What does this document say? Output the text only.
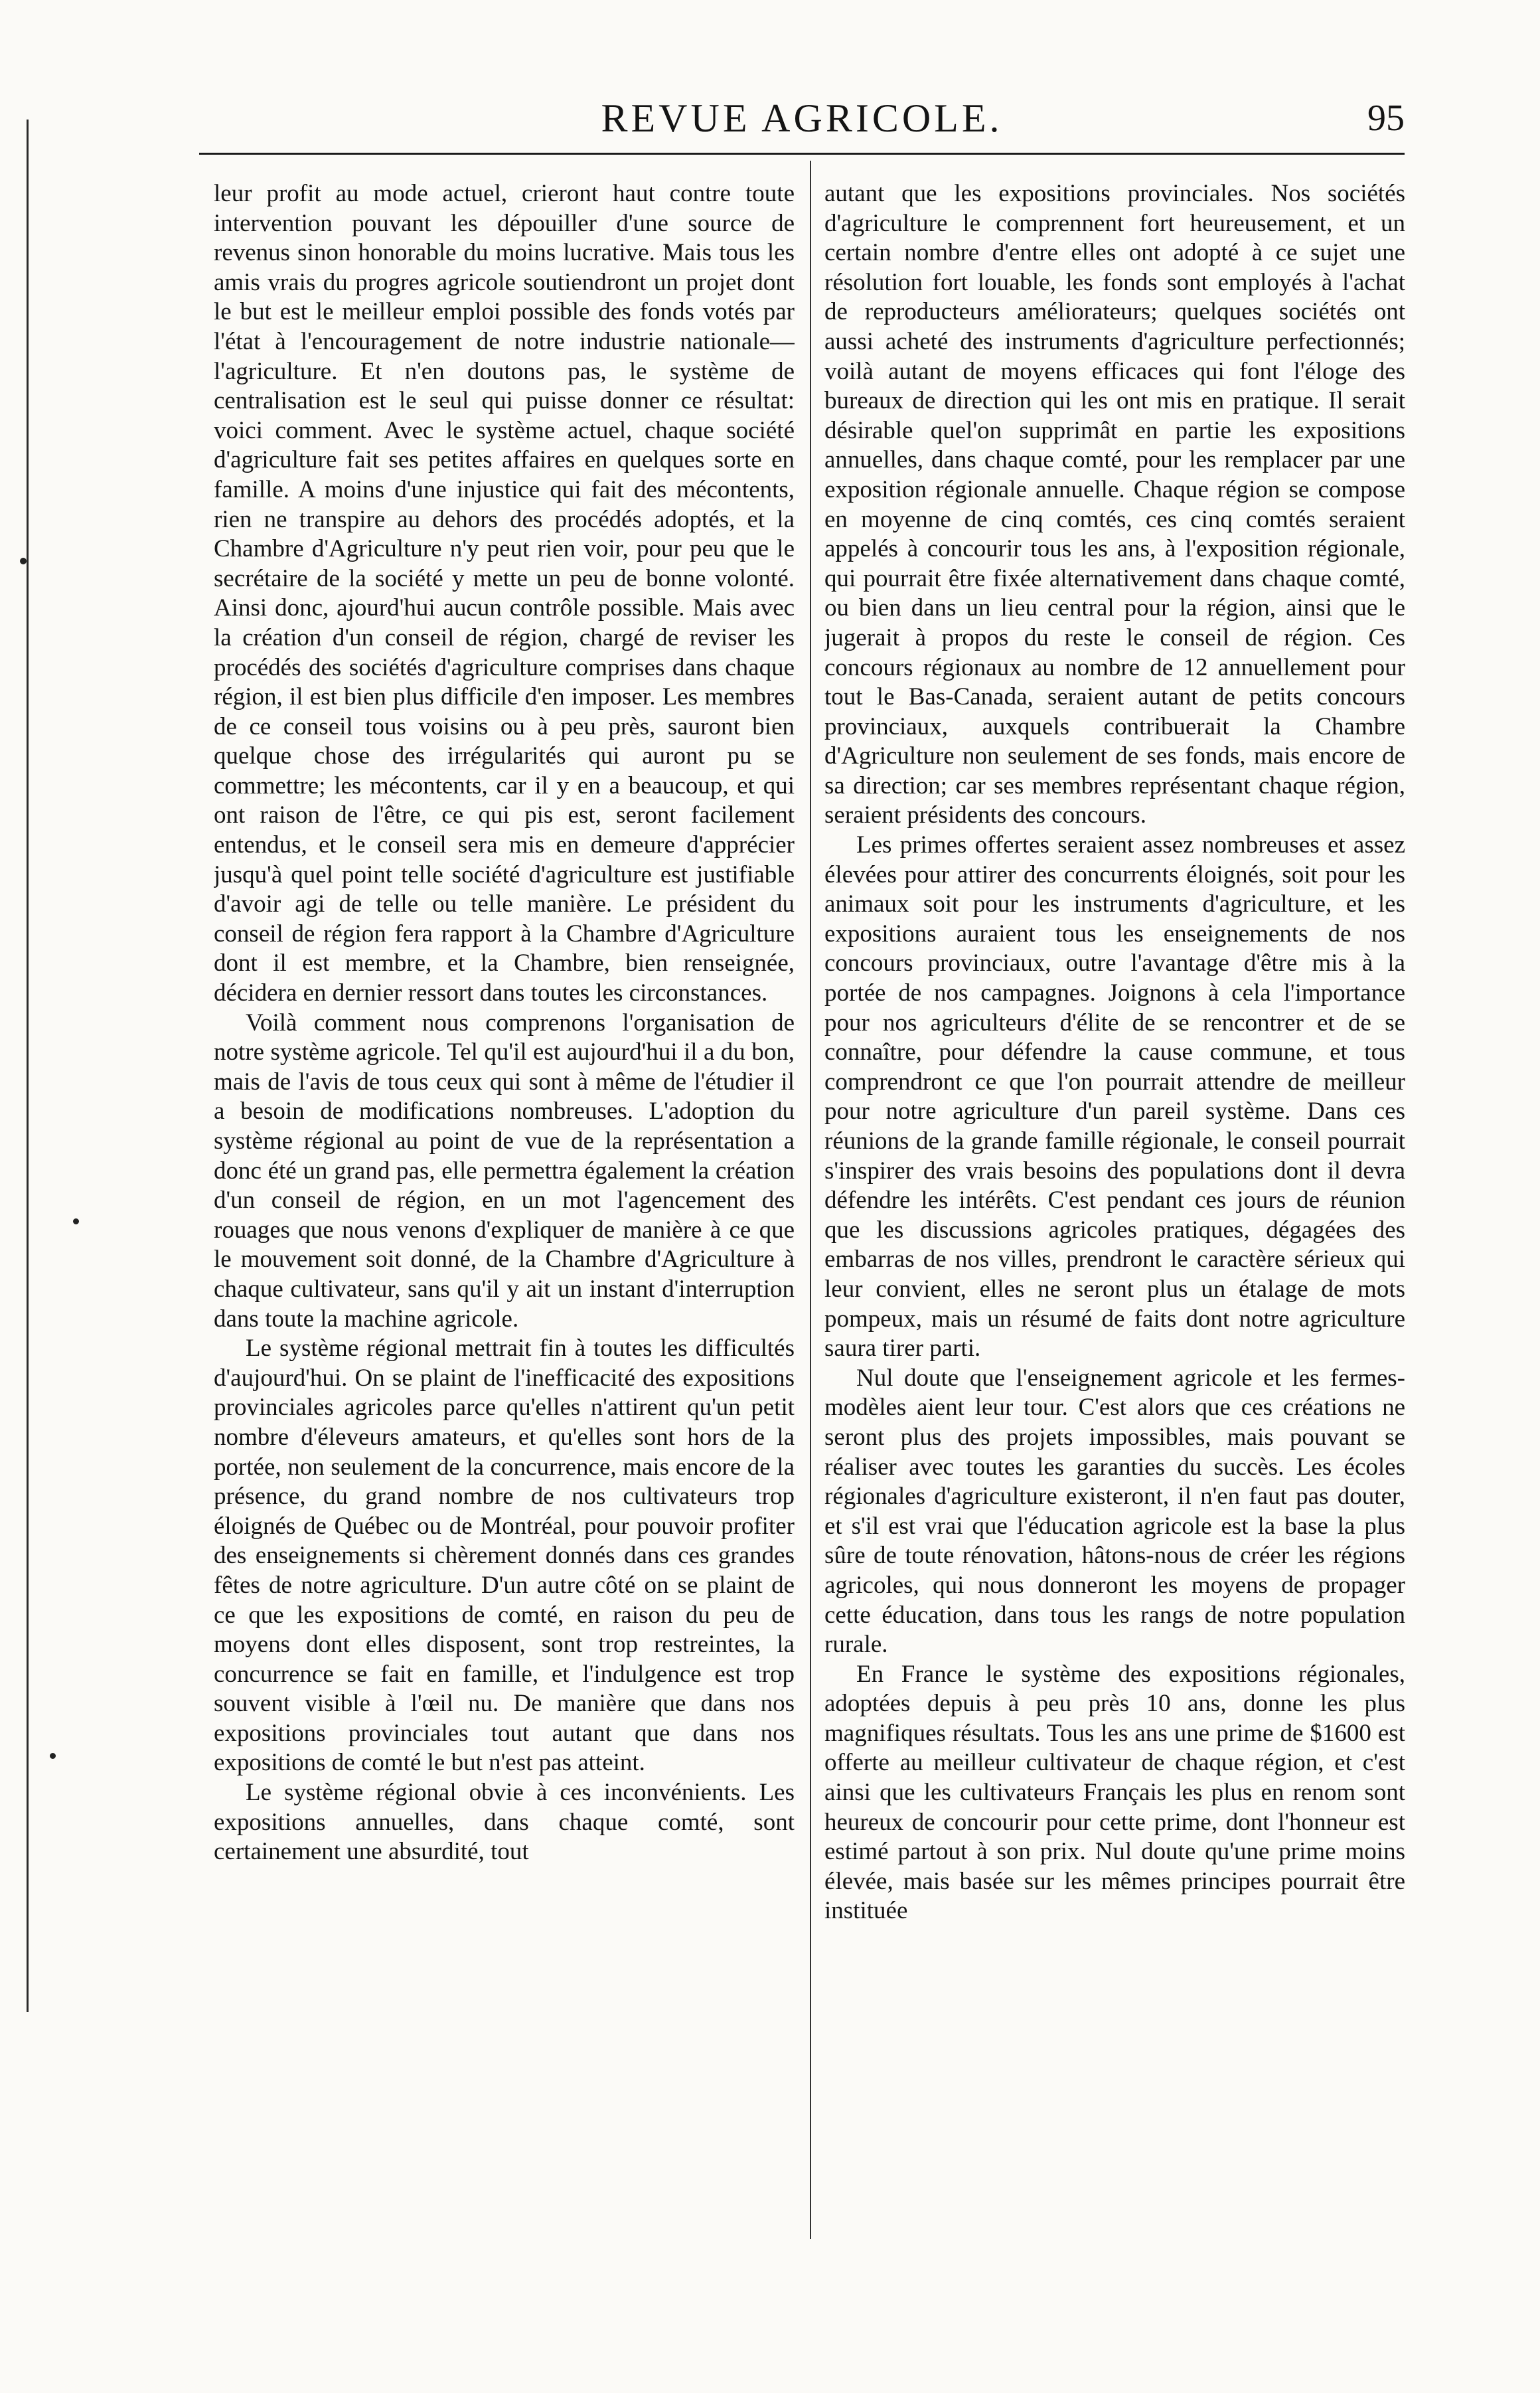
REVUE AGRICOLE.	95

leur profit au mode actuel, crieront haut contre toute intervention pouvant les dépouiller d'une source de revenus sinon honorable du moins lucrative. Mais tous les amis vrais du progres agricole soutiendront un projet dont le but est le meilleur emploi possible des fonds votés par l'état à l'encouragement de notre industrie nationale—l'agriculture. Et n'en doutons pas, le système de centralisation est le seul qui puisse donner ce résultat: voici comment. Avec le système actuel, chaque société d'agriculture fait ses petites affaires en quelques sorte en famille. A moins d'une injustice qui fait des mécontents, rien ne transpire au dehors des procédés adoptés, et la Chambre d'Agriculture n'y peut rien voir, pour peu que le secrétaire de la société y mette un peu de bonne volonté. Ainsi donc, ajourd'hui aucun contrôle possible. Mais avec la création d'un conseil de région, chargé de reviser les procédés des sociétés d'agriculture comprises dans chaque région, il est bien plus difficile d'en imposer. Les membres de ce conseil tous voisins ou à peu près, sauront bien quelque chose des irrégularités qui auront pu se commettre; les mécontents, car il y en a beaucoup, et qui ont raison de l'être, ce qui pis est, seront facilement entendus, et le conseil sera mis en demeure d'apprécier jusqu'à quel point telle société d'agriculture est justifiable d'avoir agi de telle ou telle manière. Le président du conseil de région fera rapport à la Chambre d'Agriculture dont il est membre, et la Chambre, bien renseignée, décidera en dernier ressort dans toutes les circonstances.

Voilà comment nous comprenons l'organisation de notre système agricole. Tel qu'il est aujourd'hui il a du bon, mais de l'avis de tous ceux qui sont à même de l'étudier il a besoin de modifications nombreuses. L'adoption du système régional au point de vue de la représentation a donc été un grand pas, elle permettra également la création d'un conseil de région, en un mot l'agencement des rouages que nous venons d'expliquer de manière à ce que le mouvement soit donné, de la Chambre d'Agriculture à chaque cultivateur, sans qu'il y ait un instant d'interruption dans toute la machine agricole.

Le système régional mettrait fin à toutes les difficultés d'aujourd'hui. On se plaint de l'inefficacité des expositions provinciales agricoles parce qu'elles n'attirent qu'un petit nombre d'éleveurs amateurs, et qu'elles sont hors de la portée, non seulement de la concurrence, mais encore de la présence, du grand nombre de nos cultivateurs trop éloignés de Québec ou de Montréal, pour pouvoir profiter des enseignements si chèrement donnés dans ces grandes fêtes de notre agriculture. D'un autre côté on se plaint de ce que les expositions de comté, en raison du peu de moyens dont elles disposent, sont trop restreintes, la concurrence se fait en famille, et l'indulgence est trop souvent visible à l'œil nu. De manière que dans nos expositions provinciales tout autant que dans nos expositions de comté le but n'est pas atteint.

Le système régional obvie à ces inconvénients. Les expositions annuelles, dans chaque comté, sont certainement une absurdité, tout

autant que les expositions provinciales. Nos sociétés d'agriculture le comprennent fort heureusement, et un certain nombre d'entre elles ont adopté à ce sujet une résolution fort louable, les fonds sont employés à l'achat de reproducteurs améliorateurs; quelques sociétés ont aussi acheté des instruments d'agriculture perfectionnés; voilà autant de moyens efficaces qui font l'éloge des bureaux de direction qui les ont mis en pratique. Il serait désirable quel'on supprimât en partie les expositions annuelles, dans chaque comté, pour les remplacer par une exposition régionale annuelle. Chaque région se compose en moyenne de cinq comtés, ces cinq comtés seraient appelés à concourir tous les ans, à l'exposition régionale, qui pourrait être fixée alternativement dans chaque comté, ou bien dans un lieu central pour la région, ainsi que le jugerait à propos du reste le conseil de région. Ces concours régionaux au nombre de 12 annuellement pour tout le Bas-Canada, seraient autant de petits concours provinciaux, auxquels contribuerait la Chambre d'Agriculture non seulement de ses fonds, mais encore de sa direction; car ses membres représentant chaque région, seraient présidents des concours.

Les primes offertes seraient assez nombreuses et assez élevées pour attirer des concurrents éloignés, soit pour les animaux soit pour les instruments d'agriculture, et les expositions auraient tous les enseignements de nos concours provinciaux, outre l'avantage d'être mis à la portée de nos campagnes. Joignons à cela l'importance pour nos agriculteurs d'élite de se rencontrer et de se connaître, pour défendre la cause commune, et tous comprendront ce que l'on pourrait attendre de meilleur pour notre agriculture d'un pareil système. Dans ces réunions de la grande famille régionale, le conseil pourrait s'inspirer des vrais besoins des populations dont il devra défendre les intérêts. C'est pendant ces jours de réunion que les discussions agricoles pratiques, dégagées des embarras de nos villes, prendront le caractère sérieux qui leur convient, elles ne seront plus un étalage de mots pompeux, mais un résumé de faits dont notre agriculture saura tirer parti.

Nul doute que l'enseignement agricole et les fermes-modèles aient leur tour. C'est alors que ces créations ne seront plus des projets impossibles, mais pouvant se réaliser avec toutes les garanties du succès. Les écoles régionales d'agriculture existeront, il n'en faut pas douter, et s'il est vrai que l'éducation agricole est la base la plus sûre de toute rénovation, hâtons-nous de créer les régions agricoles, qui nous donneront les moyens de propager cette éducation, dans tous les rangs de notre population rurale.

En France le système des expositions régionales, adoptées depuis à peu près 10 ans, donne les plus magnifiques résultats. Tous les ans une prime de $1600 est offerte au meilleur cultivateur de chaque région, et c'est ainsi que les cultivateurs Français les plus en renom sont heureux de concourir pour cette prime, dont l'honneur est estimé partout à son prix. Nul doute qu'une prime moins élevée, mais basée sur les mêmes principes pourrait être instituée
